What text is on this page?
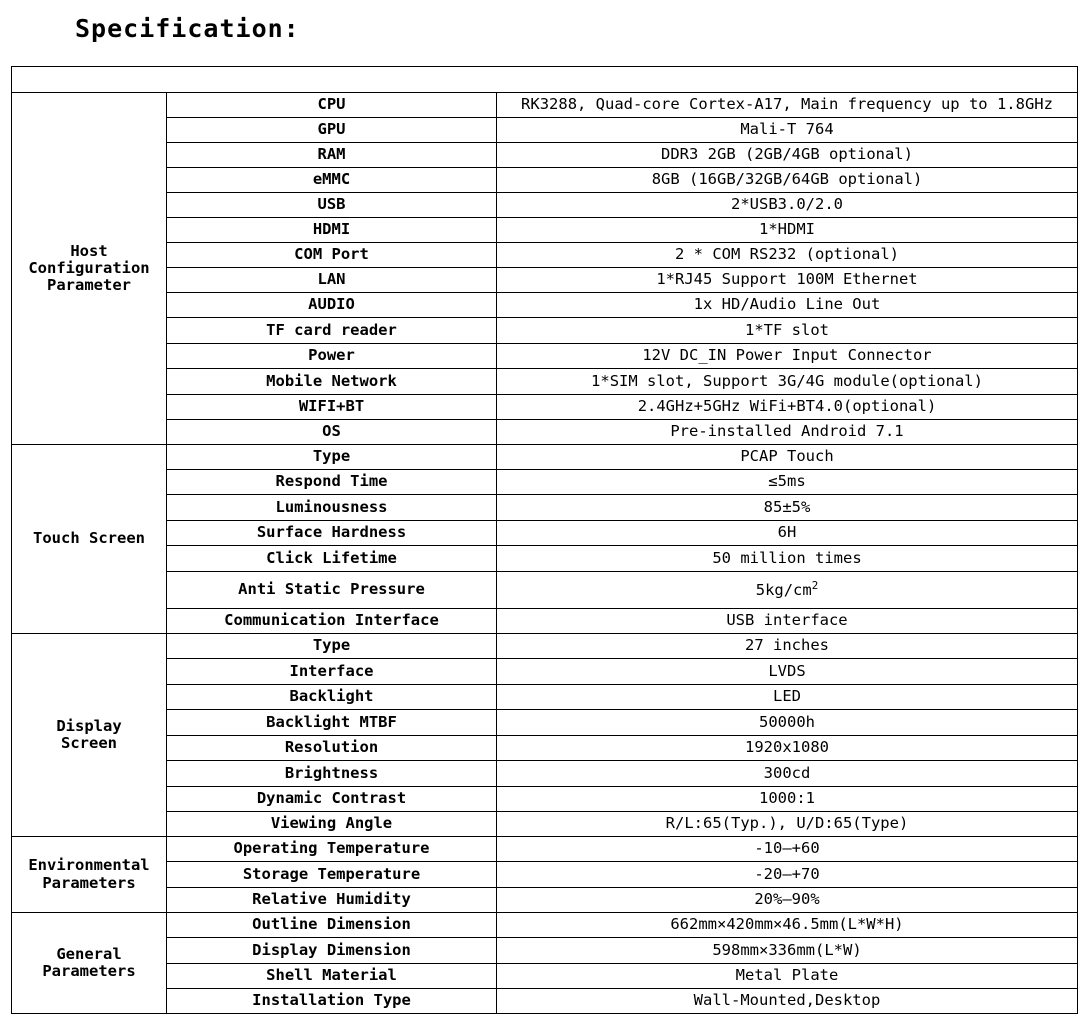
Specification:

Host
Configuration
Parameter	CPU	RK3288, Quad-core Cortex-A17, Main frequency up to 1.8GHz
	GPU	Mali-T 764
	RAM	DDR3 2GB (2GB/4GB optional)
	eMMC	8GB (16GB/32GB/64GB optional)
	USB	2*USB3.0/2.0
	HDMI	1*HDMI
	COM Port	2 * COM RS232 (optional)
	LAN	1*RJ45 Support 100M Ethernet
	AUDIO	1x HD/Audio Line Out
	TF card reader	1*TF slot
	Power	12V DC_IN Power Input Connector
	Mobile Network	1*SIM slot, Support 3G/4G module(optional)
	WIFI+BT	2.4GHz+5GHz WiFi+BT4.0(optional)
	OS	Pre-installed Android 7.1

Touch Screen	Type	PCAP Touch
	Respond Time	≤5ms
	Luminousness	85±5%
	Surface Hardness	6H
	Click Lifetime	50 million times
	Anti Static Pressure	$5kg/cm^2$
	Communication Interface	USB interface

Display
Screen	Type	27 inches
	Interface	LVDS
	Backlight	LED
	Backlight MTBF	50000h
	Resolution	1920x1080
	Brightness	300cd
	Dynamic Contrast	1000:1
	Viewing Angle	R/L:65(Typ.), U/D:65(Type)

Environmental
Parameters	Operating Temperature	-10—+60
	Storage Temperature	-20—+70
	Relative Humidity	20%—90%

General
Parameters	Outline Dimension	662mm×420mm×46.5mm(L*W*H)
	Display Dimension	598mm×336mm(L*W)
	Shell Material	Metal Plate
	Installation Type	Wall-Mounted,Desktop
